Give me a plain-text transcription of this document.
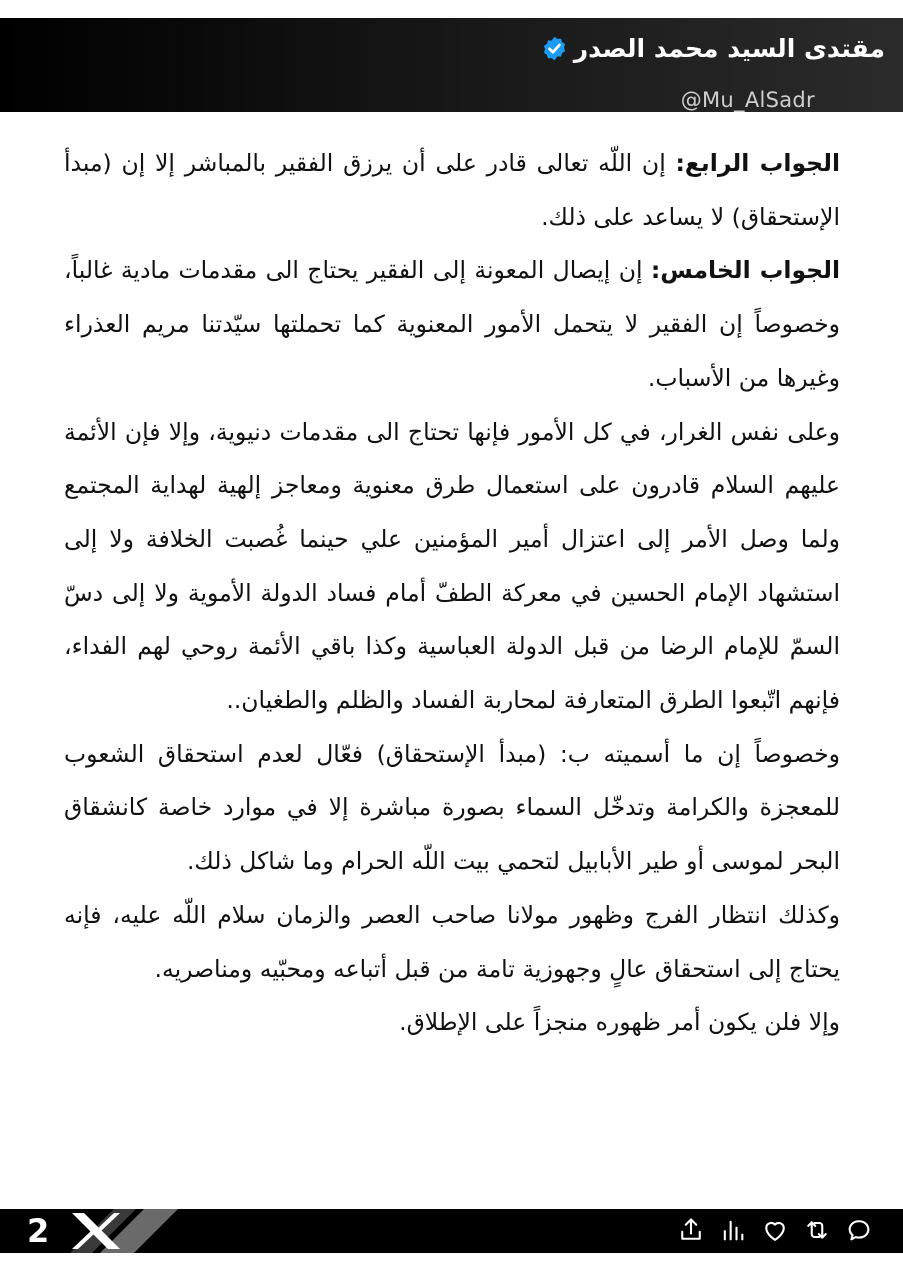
مقتدى السيد محمد الصدر
@Mu_AlSadr

الجواب الرابع: إن اللّه تعالى قادر على أن يرزق الفقير بالمباشر إلا إن (مبدأ الإستحقاق) لا يساعد على ذلك.

الجواب الخامس: إن إيصال المعونة إلى الفقير يحتاج الى مقدمات مادية غالباً، وخصوصاً إن الفقير لا يتحمل الأمور المعنوية كما تحملتها سيّدتنا مريم العذراء وغيرها من الأسباب.

وعلى نفس الغرار، في كل الأمور فإنها تحتاج الى مقدمات دنيوية، وإلا فإن الأئمة عليهم السلام قادرون على استعمال طرق معنوية ومعاجز إلهية لهداية المجتمع ولما وصل الأمر إلى اعتزال أمير المؤمنين علي حينما غُصبت الخلافة ولا إلى استشهاد الإمام الحسين في معركة الطفّ أمام فساد الدولة الأموية ولا إلى دسّ السمّ للإمام الرضا من قبل الدولة العباسية وكذا باقي الأئمة روحي لهم الفداء، فإنهم اتّبعوا الطرق المتعارفة لمحاربة الفساد والظلم والطغيان..

وخصوصاً إن ما أسميته ب: (مبدأ الإستحقاق) فعّال لعدم استحقاق الشعوب للمعجزة والكرامة وتدخّل السماء بصورة مباشرة إلا في موارد خاصة كانشقاق البحر لموسى أو طير الأبابيل لتحمي بيت اللّه الحرام وما شاكل ذلك.

وكذلك انتظار الفرج وظهور مولانا صاحب العصر والزمان سلام اللّه عليه، فإنه يحتاج إلى استحقاق عالٍ وجهوزية تامة من قبل أتباعه ومحبّيه ومناصريه.

وإلا فلن يكون أمر ظهوره منجزاً على الإطلاق.

2
